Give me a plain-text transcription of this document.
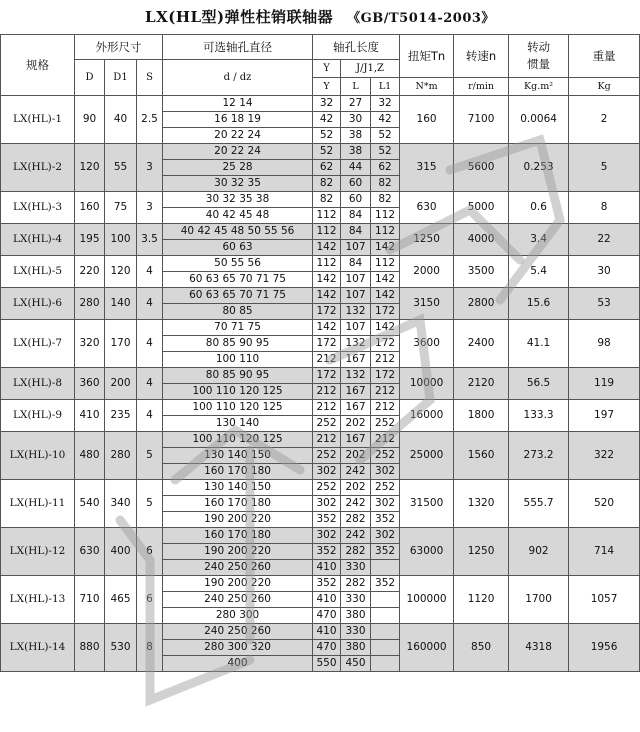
LX(HL型)弹性柱销联轴器 《GB/T5014-2003》
规格	外形尺寸			可选轴孔直径	轴孔长度			扭矩Tn	转速n	转动
惯量	重量
	D	D1	S	d / dz	Y	J/J1,Z					
					Y	L	L1	N*m	r/min	Kg.m²	Kg
LX(HL)-1	90	40	2.5	12 14	32	27	32	160	7100	0.0064	2
				16 18 19	42	30	42				
				20 22 24	52	38	52				
LX(HL)-2	120	55	3	20 22 24	52	38	52	315	5600	0.253	5
				25 28	62	44	62				
				30 32 35	82	60	82				
LX(HL)-3	160	75	3	30 32 35 38	82	60	82	630	5000	0.6	8
				40 42 45 48	112	84	112				
LX(HL)-4	195	100	3.5	40 42 45 48 50 55 56	112	84	112	1250	4000	3.4	22
				60 63	142	107	142				
LX(HL)-5	220	120	4	50 55 56	112	84	112	2000	3500	5.4	30
				60 63 65 70 71 75	142	107	142				
LX(HL)-6	280	140	4	60 63 65 70 71 75	142	107	142	3150	2800	15.6	53
				80 85	172	132	172				
LX(HL)-7	320	170	4	70 71 75	142	107	142	3600	2400	41.1	98
				80 85 90 95	172	132	172				
				100 110	212	167	212				
LX(HL)-8	360	200	4	80 85 90 95	172	132	172	10000	2120	56.5	119
				100 110 120 125	212	167	212				
LX(HL)-9	410	235	4	100 110 120 125	212	167	212	16000	1800	133.3	197
				130 140	252	202	252				
LX(HL)-10	480	280	5	100 110 120 125	212	167	212	25000	1560	273.2	322
				130 140 150	252	202	252				
				160 170 180	302	242	302				
LX(HL)-11	540	340	5	130 140 150	252	202	252	31500	1320	555.7	520
				160 170 180	302	242	302				
				190 200 220	352	282	352				
LX(HL)-12	630	400	6	160 170 180	302	242	302	63000	1250	902	714
				190 200 220	352	282	352				
				240 250 260	410	330					
LX(HL)-13	710	465	6	190 200 220	352	282	352	100000	1120	1700	1057
				240 250 260	410	330					
				280 300	470	380					
LX(HL)-14	880	530	8	240 250 260	410	330		160000	850	4318	1956
				280 300 320	470	380					
				400	550	450					
